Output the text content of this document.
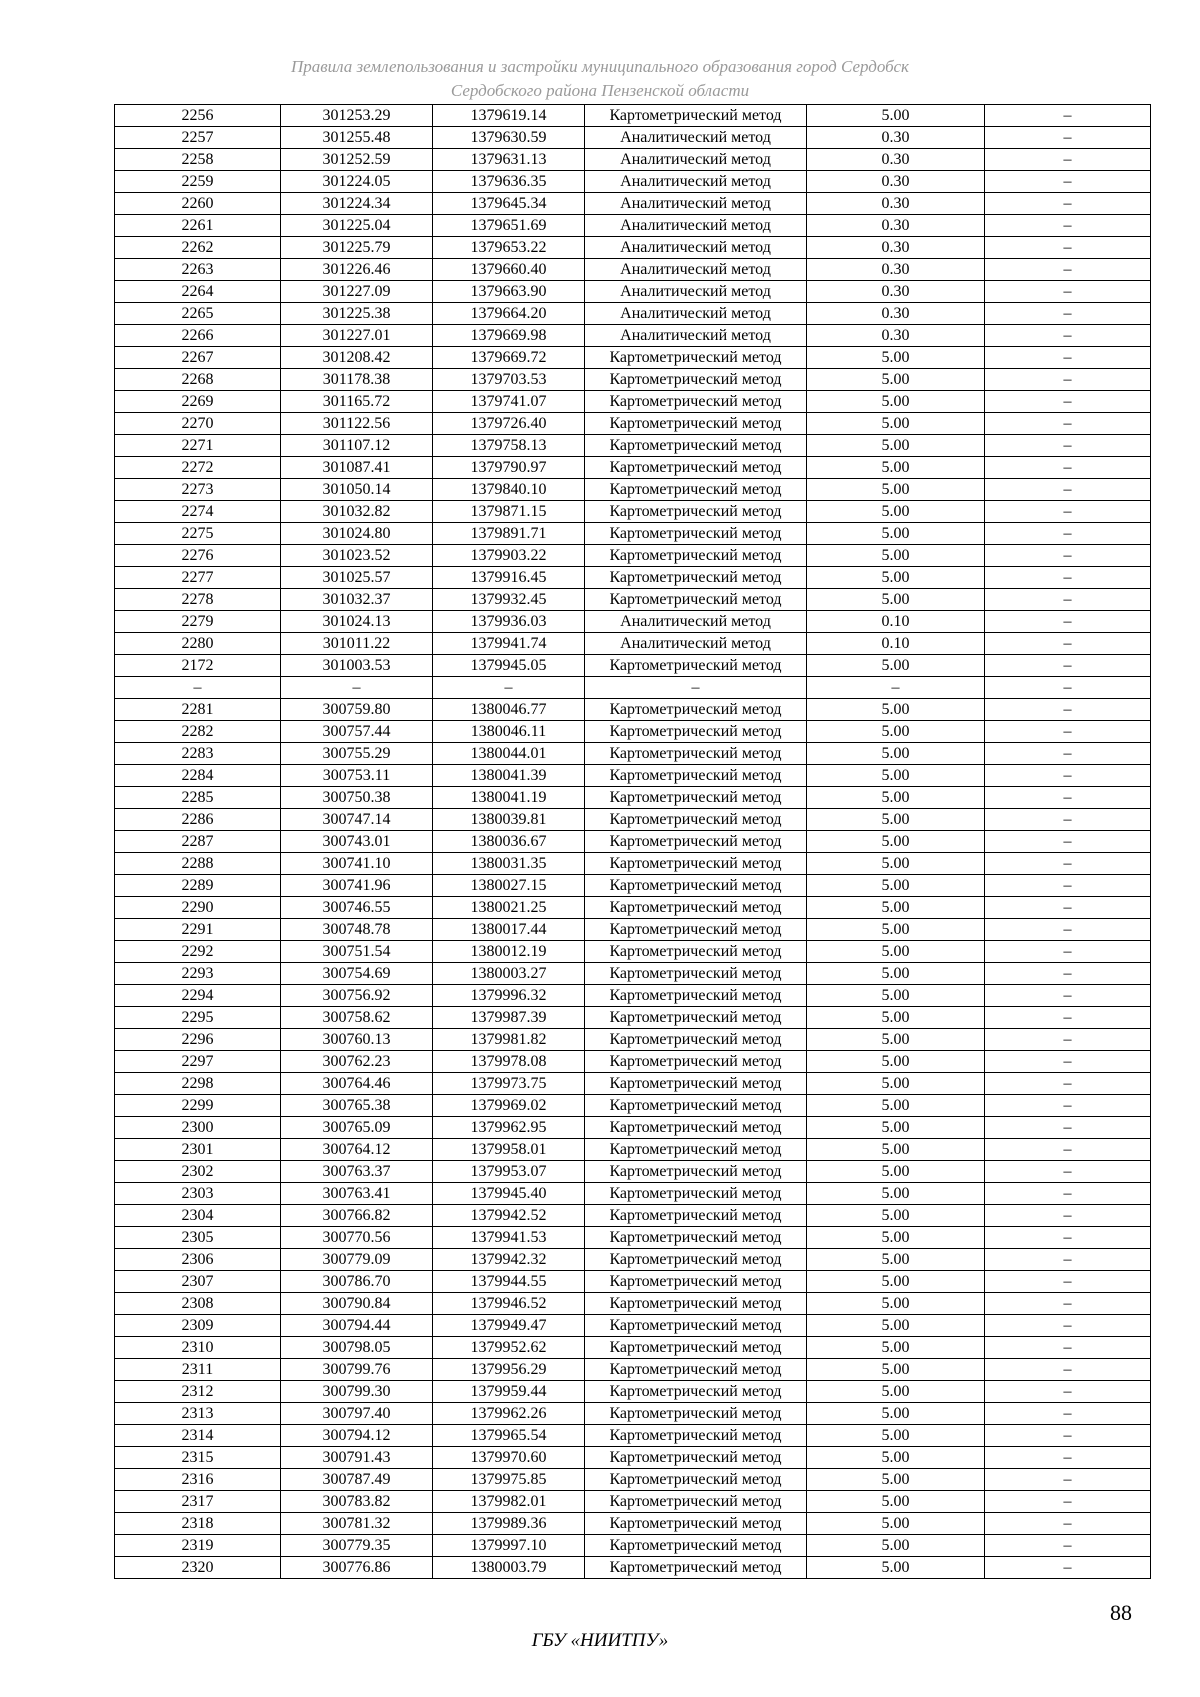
Правила землепользования и застройки муниципального образования город Сердобск
Сердобского района Пензенской области
2256	301253.29	1379619.14	Картометрический метод	5.00	–
2257	301255.48	1379630.59	Аналитический метод	0.30	–
2258	301252.59	1379631.13	Аналитический метод	0.30	–
2259	301224.05	1379636.35	Аналитический метод	0.30	–
2260	301224.34	1379645.34	Аналитический метод	0.30	–
2261	301225.04	1379651.69	Аналитический метод	0.30	–
2262	301225.79	1379653.22	Аналитический метод	0.30	–
2263	301226.46	1379660.40	Аналитический метод	0.30	–
2264	301227.09	1379663.90	Аналитический метод	0.30	–
2265	301225.38	1379664.20	Аналитический метод	0.30	–
2266	301227.01	1379669.98	Аналитический метод	0.30	–
2267	301208.42	1379669.72	Картометрический метод	5.00	–
2268	301178.38	1379703.53	Картометрический метод	5.00	–
2269	301165.72	1379741.07	Картометрический метод	5.00	–
2270	301122.56	1379726.40	Картометрический метод	5.00	–
2271	301107.12	1379758.13	Картометрический метод	5.00	–
2272	301087.41	1379790.97	Картометрический метод	5.00	–
2273	301050.14	1379840.10	Картометрический метод	5.00	–
2274	301032.82	1379871.15	Картометрический метод	5.00	–
2275	301024.80	1379891.71	Картометрический метод	5.00	–
2276	301023.52	1379903.22	Картометрический метод	5.00	–
2277	301025.57	1379916.45	Картометрический метод	5.00	–
2278	301032.37	1379932.45	Картометрический метод	5.00	–
2279	301024.13	1379936.03	Аналитический метод	0.10	–
2280	301011.22	1379941.74	Аналитический метод	0.10	–
2172	301003.53	1379945.05	Картометрический метод	5.00	–
–	–	–	–	–	–
2281	300759.80	1380046.77	Картометрический метод	5.00	–
2282	300757.44	1380046.11	Картометрический метод	5.00	–
2283	300755.29	1380044.01	Картометрический метод	5.00	–
2284	300753.11	1380041.39	Картометрический метод	5.00	–
2285	300750.38	1380041.19	Картометрический метод	5.00	–
2286	300747.14	1380039.81	Картометрический метод	5.00	–
2287	300743.01	1380036.67	Картометрический метод	5.00	–
2288	300741.10	1380031.35	Картометрический метод	5.00	–
2289	300741.96	1380027.15	Картометрический метод	5.00	–
2290	300746.55	1380021.25	Картометрический метод	5.00	–
2291	300748.78	1380017.44	Картометрический метод	5.00	–
2292	300751.54	1380012.19	Картометрический метод	5.00	–
2293	300754.69	1380003.27	Картометрический метод	5.00	–
2294	300756.92	1379996.32	Картометрический метод	5.00	–
2295	300758.62	1379987.39	Картометрический метод	5.00	–
2296	300760.13	1379981.82	Картометрический метод	5.00	–
2297	300762.23	1379978.08	Картометрический метод	5.00	–
2298	300764.46	1379973.75	Картометрический метод	5.00	–
2299	300765.38	1379969.02	Картометрический метод	5.00	–
2300	300765.09	1379962.95	Картометрический метод	5.00	–
2301	300764.12	1379958.01	Картометрический метод	5.00	–
2302	300763.37	1379953.07	Картометрический метод	5.00	–
2303	300763.41	1379945.40	Картометрический метод	5.00	–
2304	300766.82	1379942.52	Картометрический метод	5.00	–
2305	300770.56	1379941.53	Картометрический метод	5.00	–
2306	300779.09	1379942.32	Картометрический метод	5.00	–
2307	300786.70	1379944.55	Картометрический метод	5.00	–
2308	300790.84	1379946.52	Картометрический метод	5.00	–
2309	300794.44	1379949.47	Картометрический метод	5.00	–
2310	300798.05	1379952.62	Картометрический метод	5.00	–
2311	300799.76	1379956.29	Картометрический метод	5.00	–
2312	300799.30	1379959.44	Картометрический метод	5.00	–
2313	300797.40	1379962.26	Картометрический метод	5.00	–
2314	300794.12	1379965.54	Картометрический метод	5.00	–
2315	300791.43	1379970.60	Картометрический метод	5.00	–
2316	300787.49	1379975.85	Картометрический метод	5.00	–
2317	300783.82	1379982.01	Картометрический метод	5.00	–
2318	300781.32	1379989.36	Картометрический метод	5.00	–
2319	300779.35	1379997.10	Картометрический метод	5.00	–
2320	300776.86	1380003.79	Картометрический метод	5.00	–
88
ГБУ «НИИТПУ»
